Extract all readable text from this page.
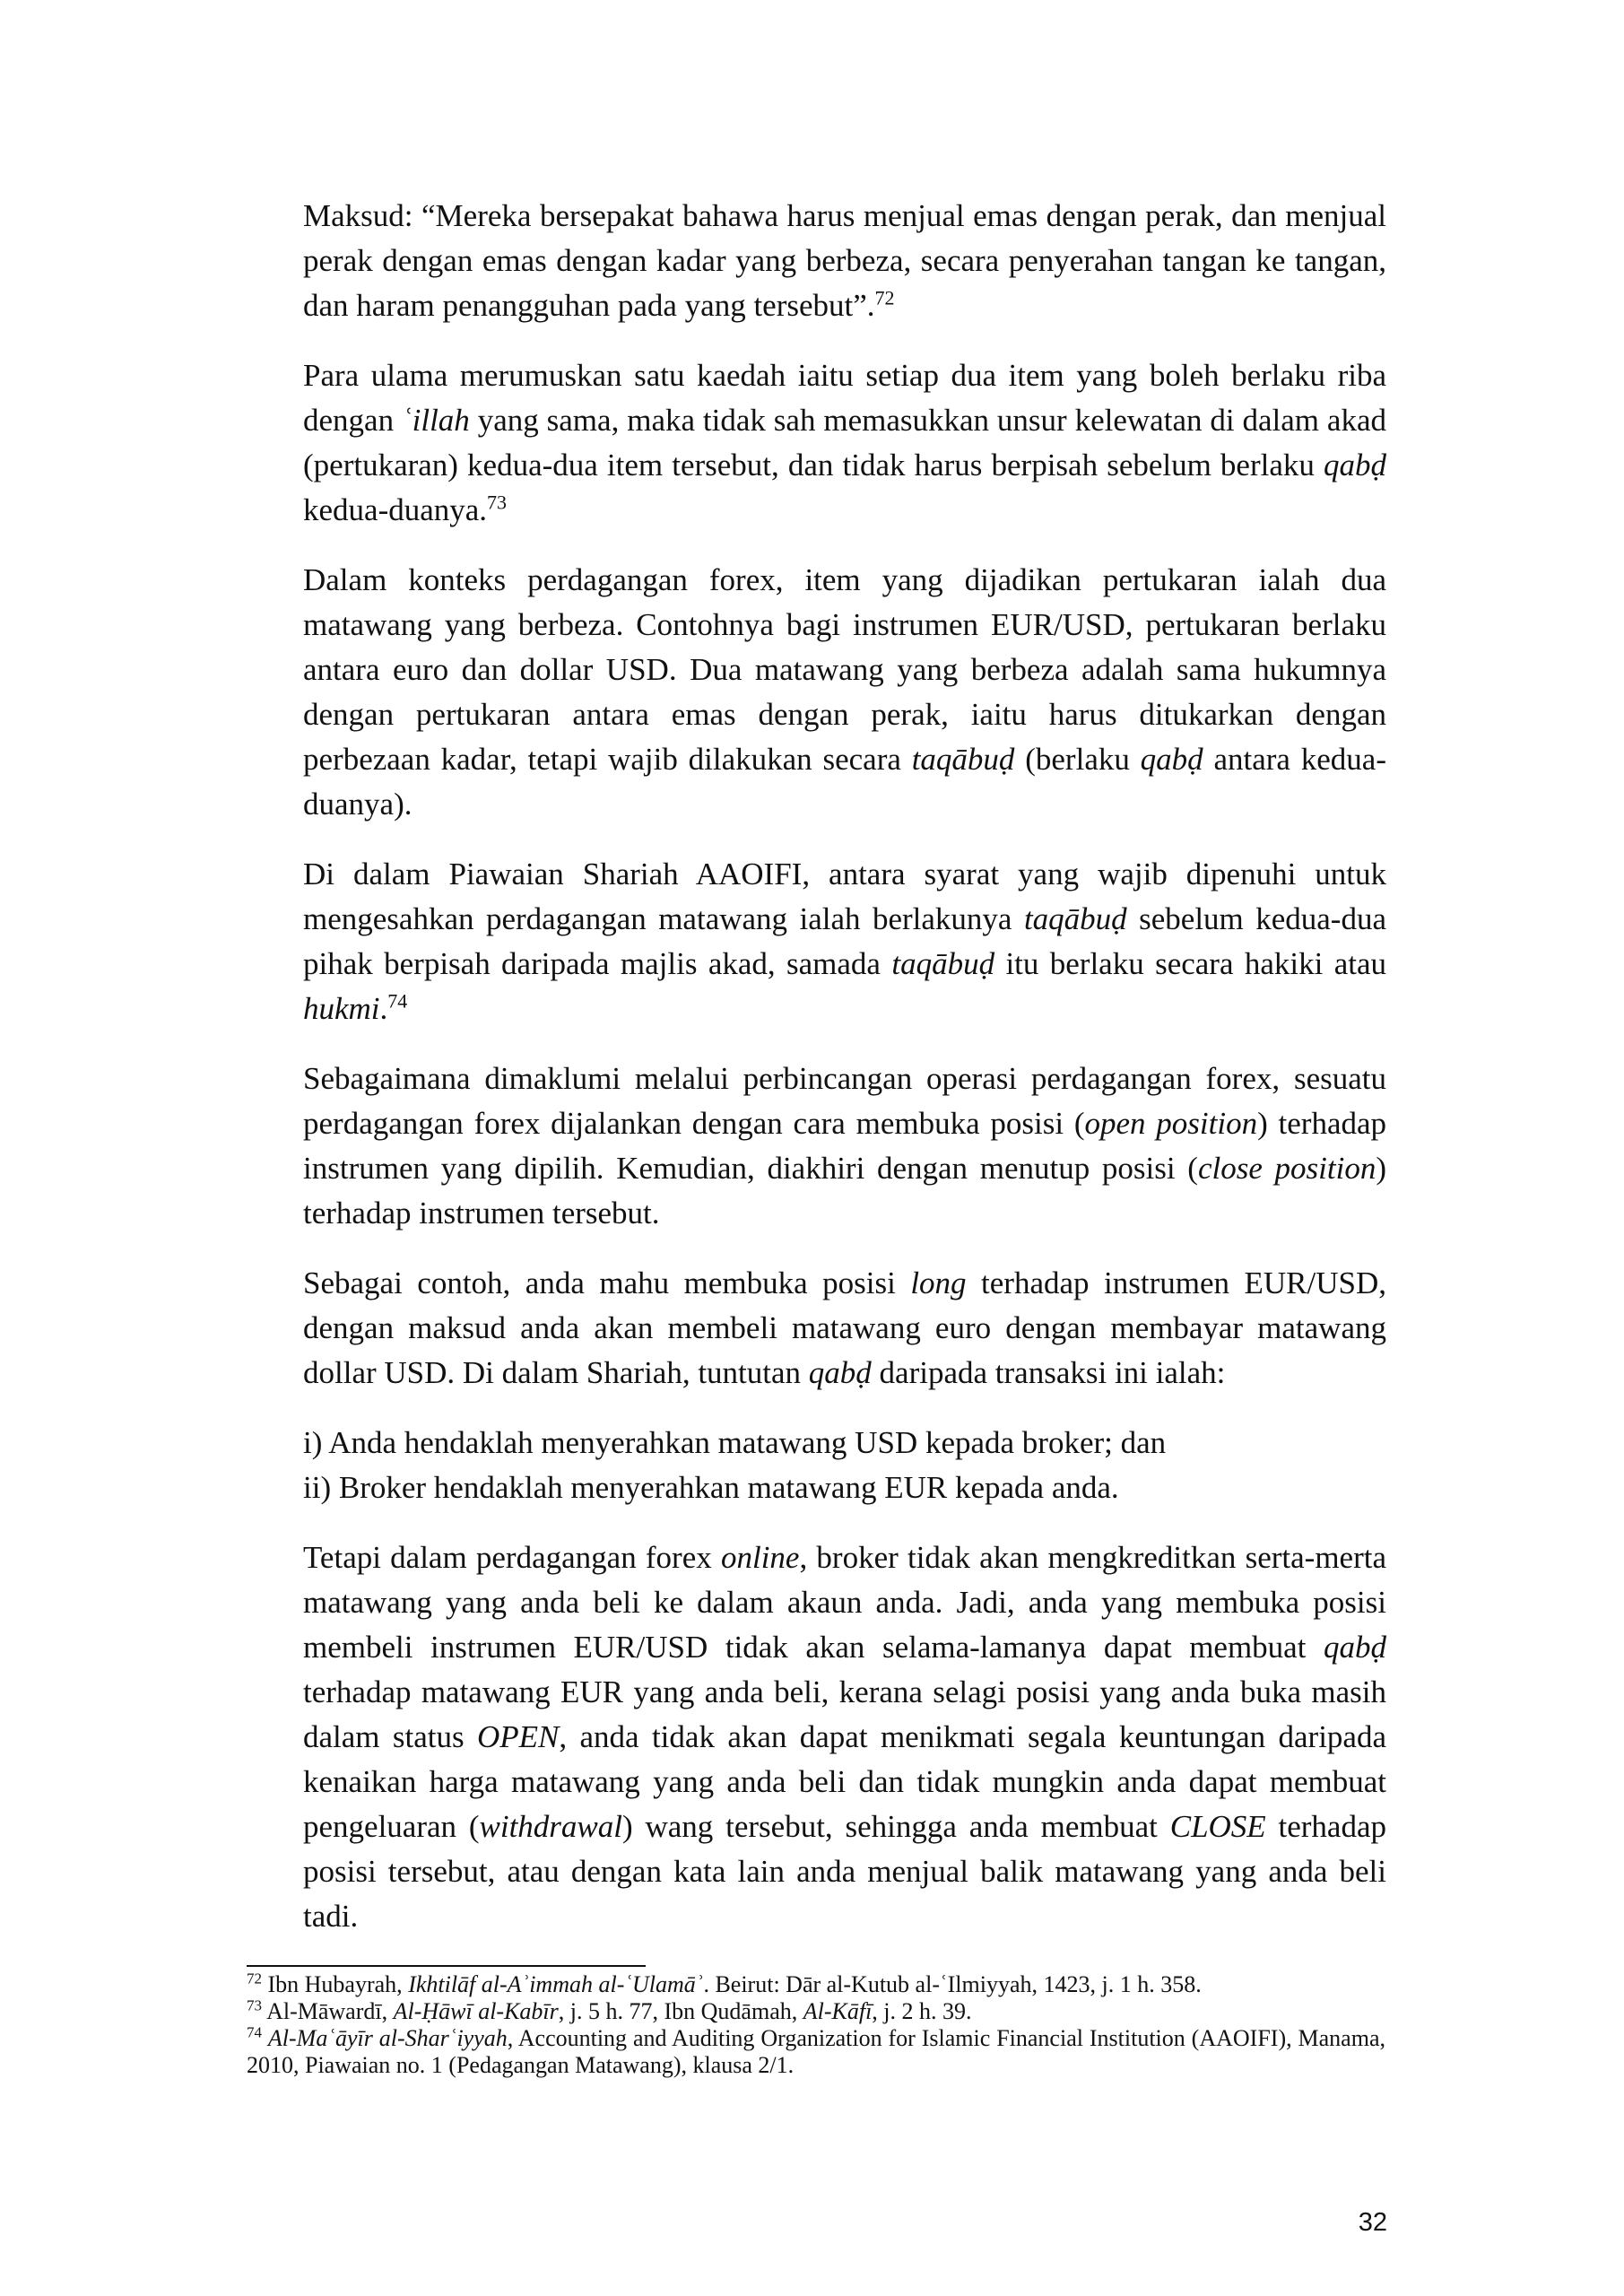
Maksud: “Mereka bersepakat bahawa harus menjual emas dengan perak, dan menjual perak dengan emas dengan kadar yang berbeza, secara penyerahan tangan ke tangan, dan haram penangguhan pada yang tersebut”.$^{72}$

Para ulama merumuskan satu kaedah iaitu setiap dua item yang boleh berlaku riba dengan ʿillah yang sama, maka tidak sah memasukkan unsur kelewatan di dalam akad (pertukaran) kedua-dua item tersebut, dan tidak harus berpisah sebelum berlaku qabḍ kedua-duanya.$^{73}$

Dalam konteks perdagangan forex, item yang dijadikan pertukaran ialah dua matawang yang berbeza. Contohnya bagi instrumen EUR/USD, pertukaran berlaku antara euro dan dollar USD. Dua matawang yang berbeza adalah sama hukumnya dengan pertukaran antara emas dengan perak, iaitu harus ditukarkan dengan perbezaan kadar, tetapi wajib dilakukan secara taqābuḍ (berlaku qabḍ antara kedua-duanya).

Di dalam Piawaian Shariah AAOIFI, antara syarat yang wajib dipenuhi untuk mengesahkan perdagangan matawang ialah berlakunya taqābuḍ sebelum kedua-dua pihak berpisah daripada majlis akad, samada taqābuḍ itu berlaku secara hakiki atau hukmi.$^{74}$

Sebagaimana dimaklumi melalui perbincangan operasi perdagangan forex, sesuatu perdagangan forex dijalankan dengan cara membuka posisi (open position) terhadap instrumen yang dipilih. Kemudian, diakhiri dengan menutup posisi (close position) terhadap instrumen tersebut.

Sebagai contoh, anda mahu membuka posisi long terhadap instrumen EUR/USD, dengan maksud anda akan membeli matawang euro dengan membayar matawang dollar USD. Di dalam Shariah, tuntutan qabḍ daripada transaksi ini ialah:

i) Anda hendaklah menyerahkan matawang USD kepada broker; dan
ii) Broker hendaklah menyerahkan matawang EUR kepada anda.

Tetapi dalam perdagangan forex online, broker tidak akan mengkreditkan serta-merta matawang yang anda beli ke dalam akaun anda. Jadi, anda yang membuka posisi membeli instrumen EUR/USD tidak akan selama-lamanya dapat membuat qabḍ terhadap matawang EUR yang anda beli, kerana selagi posisi yang anda buka masih dalam status OPEN, anda tidak akan dapat menikmati segala keuntungan daripada kenaikan harga matawang yang anda beli dan tidak mungkin anda dapat membuat pengeluaran (withdrawal) wang tersebut, sehingga anda membuat CLOSE terhadap posisi tersebut, atau dengan kata lain anda menjual balik matawang yang anda beli tadi.

$^{72}$ Ibn Hubayrah, Ikhtilāf al-Aʾimmah al-ʿUlamāʾ. Beirut: Dār al-Kutub al-ʿIlmiyyah, 1423, j. 1 h. 358.
$^{73}$ Al-Māwardī, Al-Ḥāwī al-Kabīr, j. 5 h. 77, Ibn Qudāmah, Al-Kāfī, j. 2 h. 39.
$^{74}$ Al-Maʿāyīr al-Sharʿiyyah, Accounting and Auditing Organization for Islamic Financial Institution (AAOIFI), Manama, 2010, Piawaian no. 1 (Pedagangan Matawang), klausa 2/1.
32
